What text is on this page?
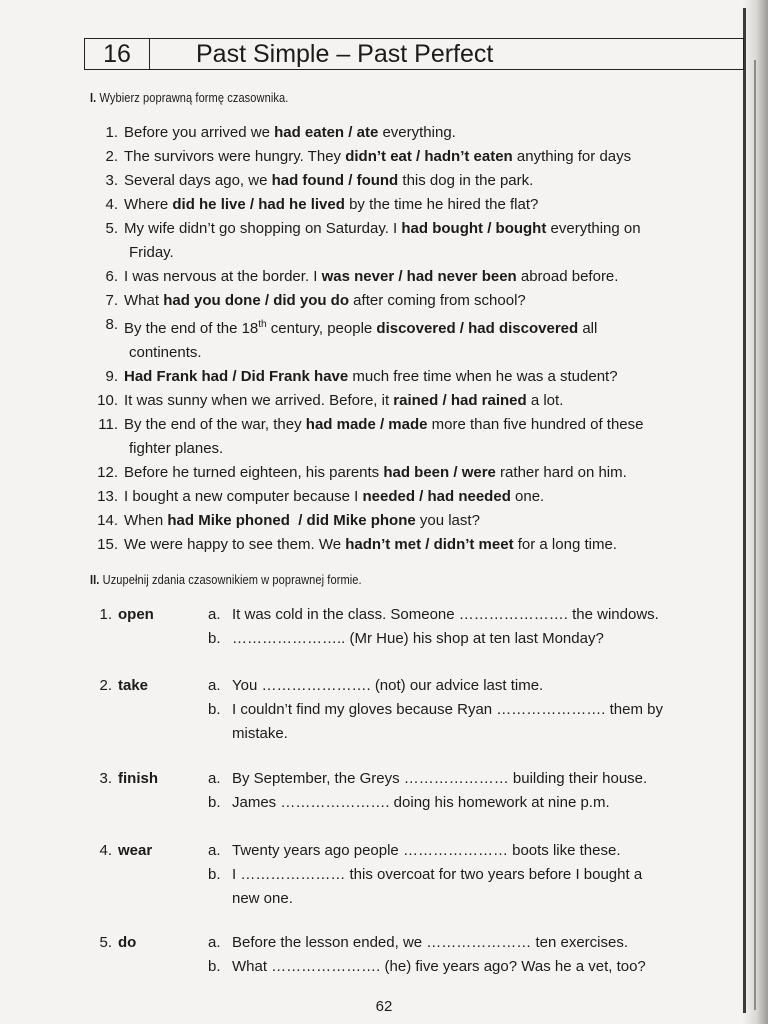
16	Past Simple – Past Perfect
I. Wybierz poprawną formę czasownika.
1. Before you arrived we had eaten / ate everything.
2. The survivors were hungry. They didn’t eat / hadn’t eaten anything for days
3. Several days ago, we had found / found this dog in the park.
4. Where did he live / had he lived by the time he hired the flat?
5. My wife didn’t go shopping on Saturday. I had bought / bought everything on
Friday.
6. I was nervous at the border. I was never / had never been abroad before.
7. What had you done / did you do after coming from school?
8. By the end of the 18th century, people discovered / had discovered all
continents.
9. Had Frank had / Did Frank have much free time when he was a student?
10. It was sunny when we arrived. Before, it rained / had rained a lot.
11. By the end of the war, they had made / made more than five hundred of these
fighter planes.
12. Before he turned eighteen, his parents had been / were rather hard on him.
13. I bought a new computer because I needed / had needed one.
14. When had Mike phoned  / did Mike phone you last?
15. We were happy to see them. We hadn’t met / didn’t meet for a long time.
II. Uzupełnij zdania czasownikiem w poprawnej formie.
1. open	a. It was cold in the class. Someone …………………. the windows.
b. ………………….. (Mr Hue) his shop at ten last Monday?
2. take	a. You …………………. (not) our advice last time.
b. I couldn’t find my gloves because Ryan …………………. them by
mistake.
3. finish	a. By September, the Greys ………………… building their house.
b. James …………………. doing his homework at nine p.m.
4. wear	a. Twenty years ago people ………………… boots like these.
b. I ………………… this overcoat for two years before I bought a
new one.
5. do	a. Before the lesson ended, we ………………… ten exercises.
b. What …………………. (he) five years ago? Was he a vet, too?
62
